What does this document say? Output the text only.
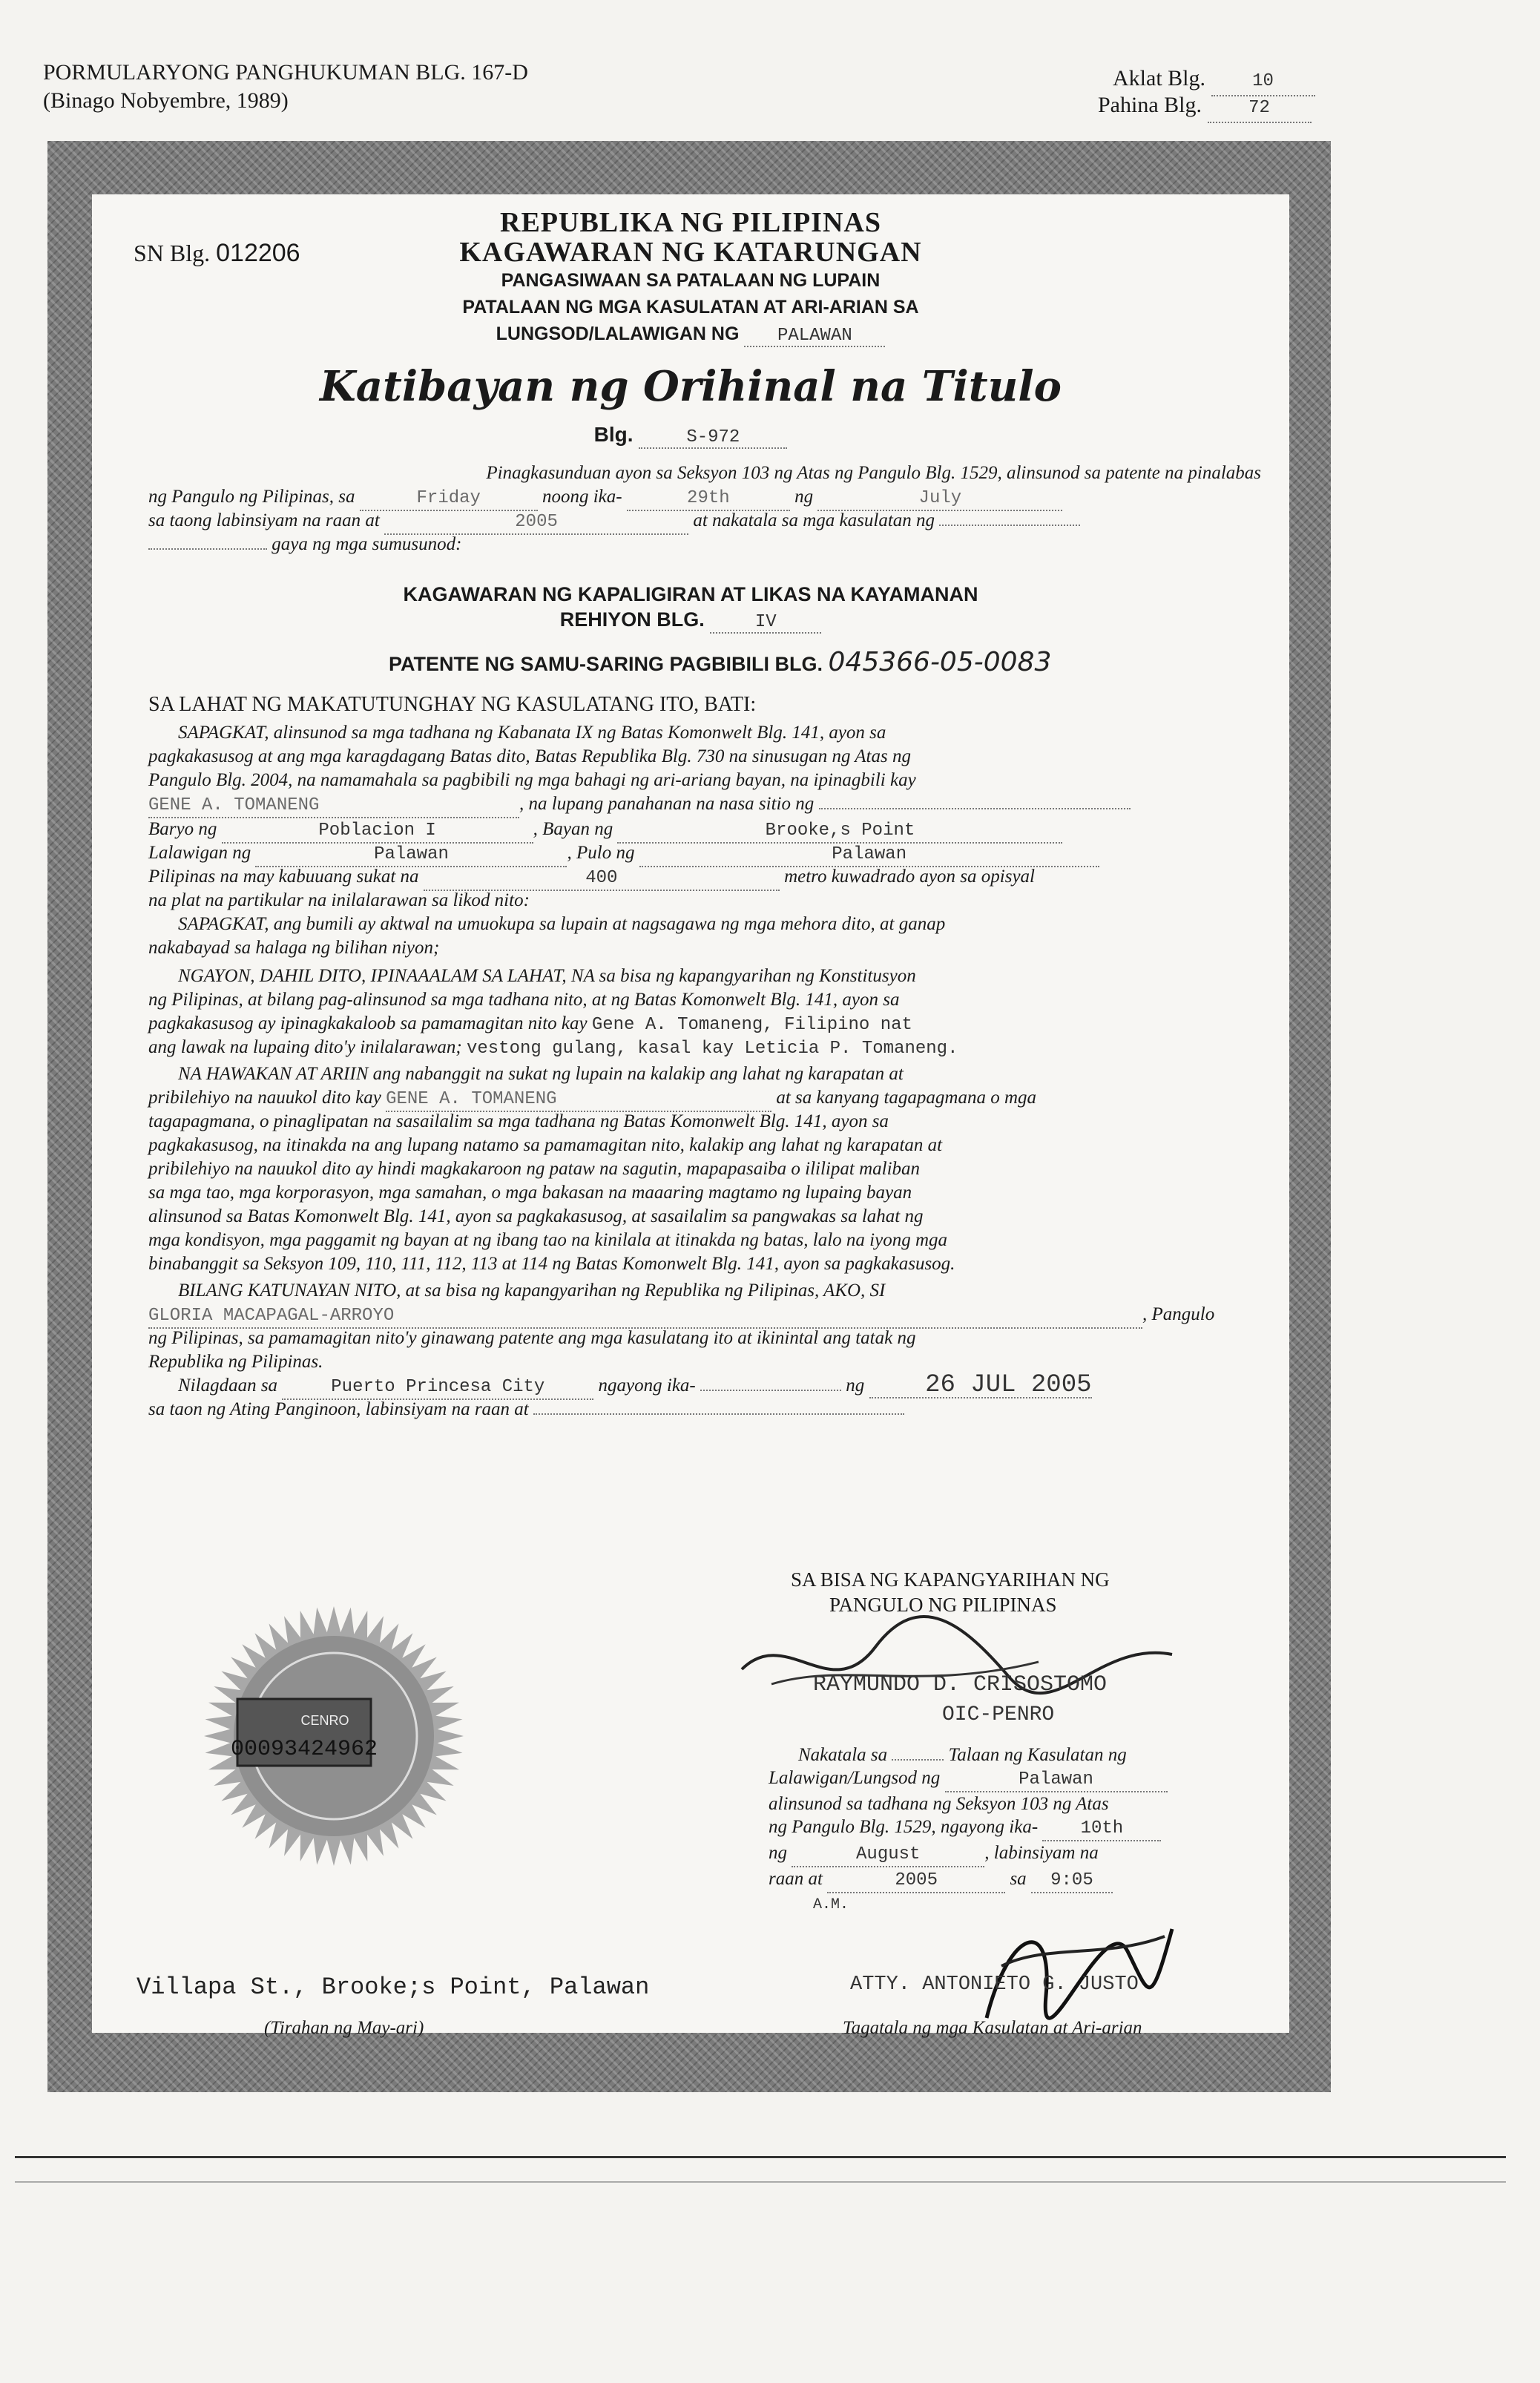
PORMULARYONG PANGHUKUMAN BLG. 167-D
(Binago Nobyembre, 1989)
Aklat Blg.	10
Pahina Blg.	72
SN Blg. 012206
REPUBLIKA NG PILIPINAS
KAGAWARAN NG KATARUNGAN
PANGASIWAAN SA PATALAAN NG LUPAIN
PATALAAN NG MGA KASULATAN AT ARI-ARIAN SA
LUNGSOD/LALAWIGAN NG PALAWAN
Katibayan ng Orihinal na Titulo
Blg.	S-972
Pinagkasunduan ayon sa Seksyon 103 ng Atas ng Pangulo Blg. 1529, alinsunod sa patente na pinalabas
ng Pangulo ng Pilipinas, sa	Friday	noong ika-	29th	ng	July
sa taong labinsiyam na raan at	2005	at nakatala sa mga kasulatan ng
gaya ng mga sumusunod:
KAGAWARAN NG KAPALIGIRAN AT LIKAS NA KAYAMANAN
REHIYON BLG.	IV
PATENTE NG SAMU-SARING PAGBIBILI BLG. 045366-05-0083
SA LAHAT NG MAKATUTUNGHAY NG KASULATANG ITO, BATI:
SAPAGKAT, alinsunod sa mga tadhana ng Kabanata IX ng Batas Komonwelt Blg. 141, ayon sa
pagkakasusog at ang mga karagdagang Batas dito, Batas Republika Blg. 730 na sinusugan ng Atas ng
Pangulo Blg. 2004, na namamahala sa pagbibili ng mga bahagi ng ari-ariang bayan, na ipinagbili kay
GENE A. TOMANENG	, na lupang panahanan na nasa sitio ng
Baryo ng	Poblacion I	, Bayan ng	Brooke,s Point
Lalawigan ng	Palawan	, Pulo ng	Palawan
Pilipinas na may kabuuang sukat na	400	metro kuwadrado ayon sa opisyal
na plat na partikular na inilalarawan sa likod nito:
SAPAGKAT, ang bumili ay aktwal na umuokupa sa lupain at nagsagawa ng mga mehora dito, at ganap
nakabayad sa halaga ng bilihan niyon;
NGAYON, DAHIL DITO, IPINAAALAM SA LAHAT, NA sa bisa ng kapangyarihan ng Konstitusyon
ng Pilipinas, at bilang pag-alinsunod sa mga tadhana nito, at ng Batas Komonwelt Blg. 141, ayon sa
pagkakasusog ay ipinagkakaloob sa pamamagitan nito kay Gene A. Tomaneng, Filipino nat
ang lawak na lupaing dito'y inilalarawan; vestong gulang, kasal kay Leticia P. Tomaneng.
NA HAWAKAN AT ARIIN ang nabanggit na sukat ng lupain na kalakip ang lahat ng karapatan at
pribilehiyo na nauukol dito kay GENE A. TOMANENG	at sa kanyang tagapagmana o mga
tagapagmana, o pinaglipatan na sasailalim sa mga tadhana ng Batas Komonwelt Blg. 141, ayon sa
pagkakasusog, na itinakda na ang lupang natamo sa pamamagitan nito, kalakip ang lahat ng karapatan at
pribilehiyo na nauukol dito ay hindi magkakaroon ng pataw na sagutin, mapapasaiba o ililipat maliban
sa mga tao, mga korporasyon, mga samahan, o mga bakasan na maaaring magtamo ng lupaing bayan
alinsunod sa Batas Komonwelt Blg. 141, ayon sa pagkakasusog, at sasailalim sa pangwakas sa lahat ng
mga kondisyon, mga paggamit ng bayan at ng ibang tao na kinilala at itinakda ng batas, lalo na iyong mga
binabanggit sa Seksyon 109, 110, 111, 112, 113 at 114 ng Batas Komonwelt Blg. 141, ayon sa pagkakasusog.
BILANG KATUNAYAN NITO, at sa bisa ng kapangyarihan ng Republika ng Pilipinas, AKO, SI
GLORIA MACAPAGAL-ARROYO	, Pangulo
ng Pilipinas, sa pamamagitan nito'y ginawang patente ang mga kasulatang ito at ikinintal ang tatak ng
Republika ng Pilipinas.
Nilagdaan sa	Puerto Princesa City	ngayong ika-	ng 26 JUL 2005
sa taon ng Ating Panginoon, labinsiyam na raan at
SA BISA NG KAPANGYARIHAN NG
PANGULO NG PILIPINAS
RAYMUNDO D. CRISOSTOMO
OIC-PENRO
Nakatala sa	Talaan ng Kasulatan ng
Lalawigan/Lungsod ng	Palawan
alinsunod sa tadhana ng Seksyon 103 ng Atas
ng Pangulo Blg. 1529, ngayong ika- 10th
ng	August	, labinsiyam na
raan at	2005	sa 9:05
A.M.
ATTY. ANTONIETO G. JUSTO
Tagatala ng mga Kasulatan at Ari-arian
CENRO
00093424962
Villapa St., Brooke;s Point, Palawan
(Tirahan ng May-ari)
